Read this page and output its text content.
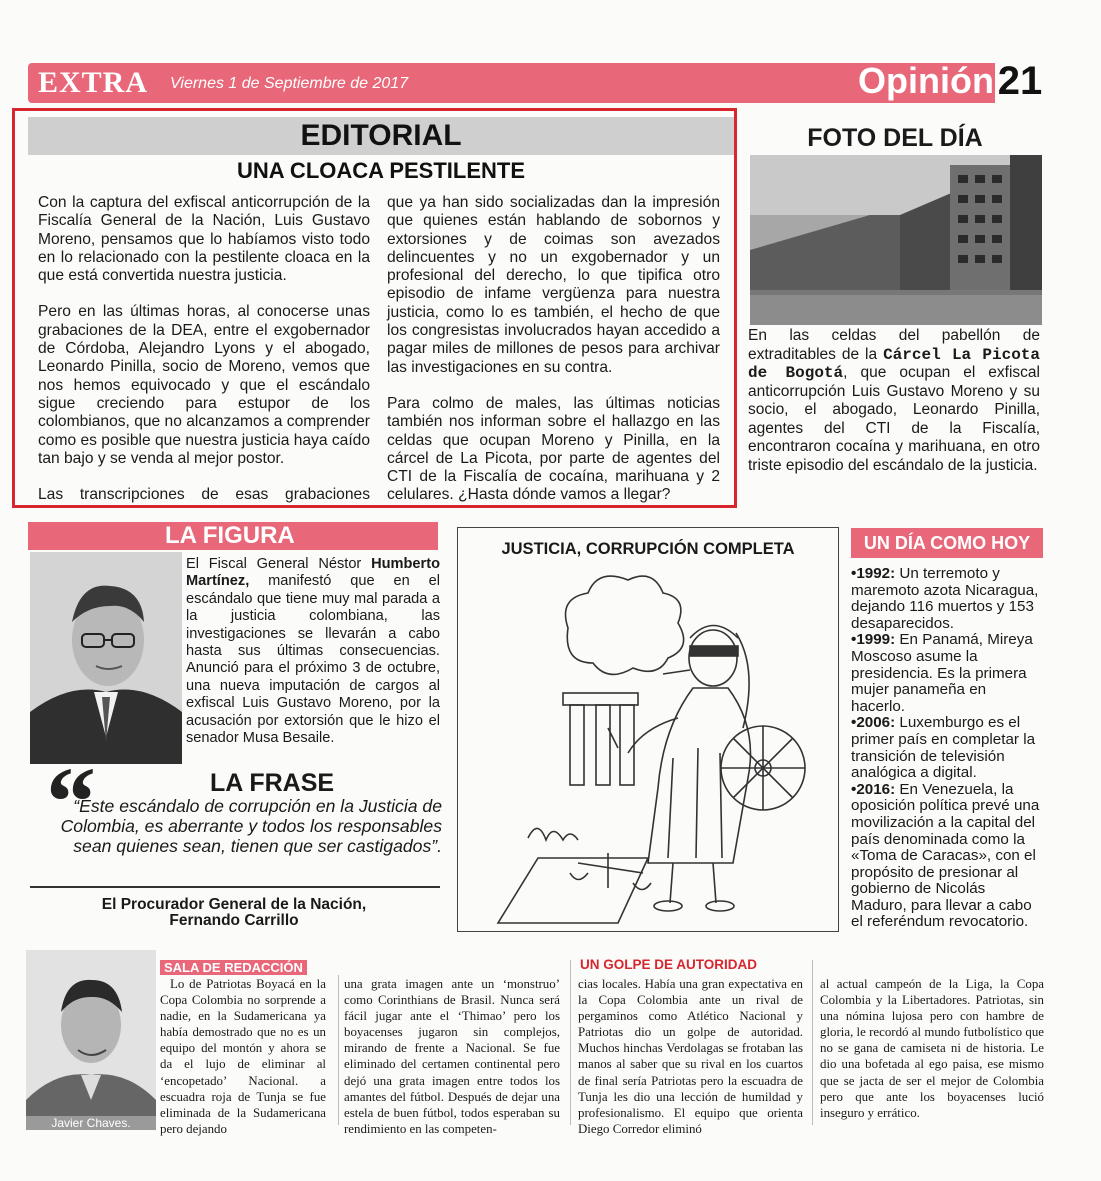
EXTRA Viernes 1 de Septiembre de 2017	Opinión 21
EDITORIAL
UNA CLOACA PESTILENTE

Con la captura del exfiscal anticorrupción de la Fiscalía General de la Nación, Luis Gustavo Moreno, pensamos que lo habíamos visto todo en lo relacionado con la pestilente cloaca en la que está convertida nuestra justicia.

Pero en las últimas horas, al conocerse unas grabaciones de la DEA, entre el exgobernador de Córdoba, Alejandro Lyons y el abogado, Leonardo Pinilla, socio de Moreno, vemos que nos hemos equivocado y que el escándalo sigue creciendo para estupor de los colombianos, que no alcanzamos a comprender como es posible que nuestra justicia haya caído tan bajo y se venda al mejor postor.

Las transcripciones de esas grabaciones

que ya han sido socializadas dan la impresión que quienes están hablando de sobornos y extorsiones y de coimas son avezados delincuentes y no un exgobernador y un profesional del derecho, lo que tipifica otro episodio de infame vergüenza para nuestra justicia, como lo es también, el hecho de que los congresistas involucrados hayan accedido a pagar miles de millones de pesos para archivar las investigaciones en su contra.

Para colmo de males, las últimas noticias también nos informan sobre el hallazgo en las celdas que ocupan Moreno y Pinilla, en la cárcel de La Picota, por parte de agentes del CTI de la Fiscalía de cocaína, marihuana y 2 celulares. ¿Hasta dónde vamos a llegar?

FOTO DEL DÍA
En las celdas del pabellón de extraditables de la Cárcel La Picota de Bogotá, que ocupan el exfiscal anticorrupción Luis Gustavo Moreno y su socio, el abogado, Leonardo Pinilla, agentes del CTI de la Fiscalía, encontraron cocaína y marihuana, en otro triste episodio del escándalo de la justicia.
LA FIGURA
El Fiscal General Néstor Humberto Martínez, manifestó que en el escándalo que tiene muy mal parada a la justicia colombiana, las investigaciones se llevarán a cabo hasta sus últimas consecuencias. Anunció para el próximo 3 de octubre, una nueva imputación de cargos al exfiscal Luis Gustavo Moreno, por la acusación por extorsión que le hizo el senador Musa Besaile.
“	LA FRASE
“Este escándalo de corrupción en la Justicia de Colombia, es aberrante y todos los responsables sean quienes sean, tienen que ser castigados”.
El Procurador General de la Nación,
Fernando Carrillo
JUSTICIA, CORRUPCIÓN COMPLETA	UN DÍA COMO HOY

•1992: Un terremoto y maremoto azota Nicaragua, dejando 116 muertos y 153 desaparecidos.

•1999: En Panamá, Mireya Moscoso asume la presidencia. Es la primera mujer panameña en hacerlo.

•2006: Luxemburgo es el primer país en completar la transición de televisión analógica a digital.

•2016: En Venezuela, la oposición política prevé una movilización a la capital del país denominada como la «Toma de Caracas», con el propósito de presionar al gobierno de Nicolás Maduro, para llevar a cabo el referéndum revocatorio.

SALA DE REDACCIÓN
Javier Chaves.
Lo de Patriotas Boyacá en la Copa Colombia no sorprende a nadie, en la Sudamericana ya había demostrado que no es un equipo del montón y ahora se da el lujo de eliminar al ‘encopetado’ Nacional. a escuadra roja de Tunja se fue eliminada de la Sudamericana pero dejando
una grata imagen ante un ‘monstruo’ como Corinthians de Brasil. Nunca será fácil jugar ante el ‘Thimao’ pero los boyacenses jugaron sin complejos, mirando de frente a Nacional. Se fue eliminado del certamen continental pero dejó una grata imagen entre todos los amantes del fútbol. Después de dejar una estela de buen fútbol, todos esperaban su rendimiento en las competen-
UN GOLPE DE AUTORIDAD
cias locales. Había una gran expectativa en la Copa Colombia ante un rival de pergaminos como Atlético Nacional y Patriotas dio un golpe de autoridad. Muchos hinchas Verdolagas se frotaban las manos al saber que su rival en los cuartos de final sería Patriotas pero la escuadra de Tunja les dio una lección de humildad y profesionalismo. El equipo que orienta Diego Corredor eliminó
al actual campeón de la Liga, la Copa Colombia y la Libertadores. Patriotas, sin una nómina lujosa pero con hambre de gloria, le recordó al mundo futbolístico que no se gana de camiseta ni de historia. Le dio una bofetada al ego paisa, ese mismo que se jacta de ser el mejor de Colombia pero que ante los boyacenses lució inseguro y errático.
